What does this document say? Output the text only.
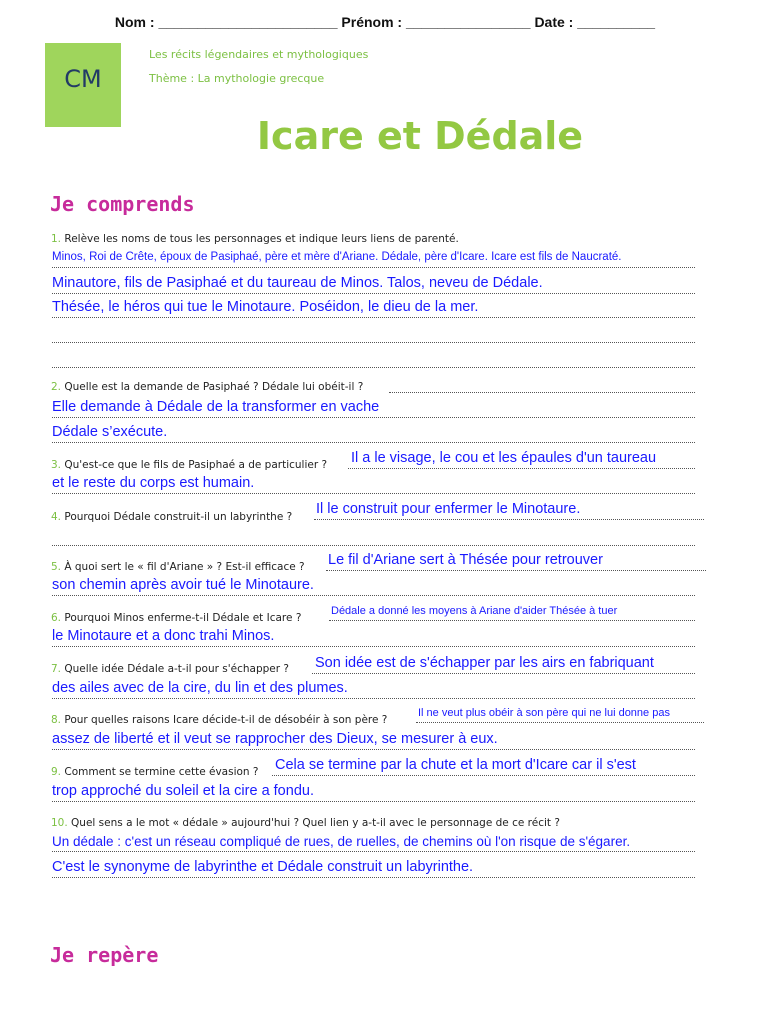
Nom : _______________________ Prénom : ________________ Date : __________
CM
Les récits légendaires et mythologiques
Thème : La mythologie grecque
Icare et Dédale
Je comprends
1. Relève les noms de tous les personnages et indique leurs liens de parenté.
Minos, Roi de Crête, époux de Pasiphaé, père et mère d'Ariane. Dédale, père d'Icare. Icare est fils de Naucraté.
Minautore, fils de Pasiphaé et du taureau de Minos. Talos, neveu de Dédale.
Thésée, le héros qui tue le Minotaure. Poséidon, le dieu de la mer.
2. Quelle est la demande de Pasiphaé ? Dédale lui obéit-il ?
Elle demande à Dédale de la transformer en vache
Dédale s’exécute.
3. Qu'est-ce que le fils de Pasiphaé a de particulier ? Il a le visage, le cou et les épaules d'un taureau
et le reste du corps est humain.
4. Pourquoi Dédale construit-il un labyrinthe ? Il le construit pour enfermer le Minotaure.
5. À quoi sert le « fil d'Ariane » ? Est-il efficace ? Le fil d'Ariane sert à Thésée pour retrouver
son chemin après avoir tué le Minotaure.
6. Pourquoi Minos enferme-t-il Dédale et Icare ?
Dédale a donné les moyens à Ariane d'aider Thésée à tuer
le Minotaure et a donc trahi Minos.
7. Quelle idée Dédale a-t-il pour s'échapper ? Son idée est de s'échapper par les airs en fabriquant
des ailes avec de la cire, du lin et des plumes.
8. Pour quelles raisons Icare décide-t-il de désobéir à son père ?
Il ne veut plus obéir à son père qui ne lui donne pas
assez de liberté et il veut se rapprocher des Dieux, se mesurer à eux.
9. Comment se termine cette évasion ? Cela se termine par la chute et la mort d'Icare car il s'est
trop approché du soleil et la cire a fondu.
10. Quel sens a le mot « dédale » aujourd'hui ? Quel lien y a-t-il avec le personnage de ce récit ?
Un dédale : c'est un réseau compliqué de rues, de ruelles, de chemins où l'on risque de s'égarer.
C'est le synonyme de labyrinthe et Dédale construit un labyrinthe.
Je repère
